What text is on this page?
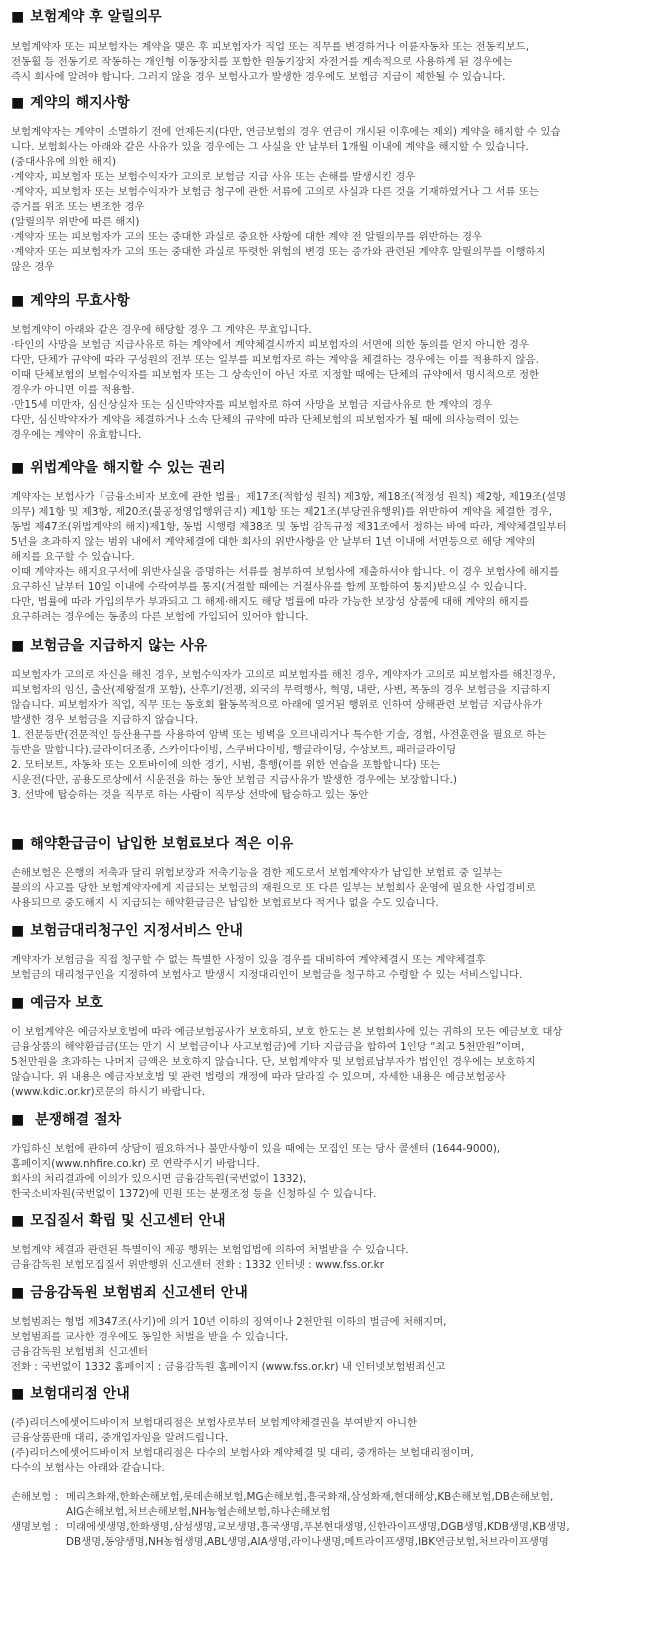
■ 보험계약 후 알릴의무

보험계약자 또는 피보험자는 계약을 맺은 후 피보험자가 직업 또는 직무를 변경하거나 이륜자동차 또는 전동킥보드,
전동휠 등 전동기로 작동하는 개인형 이동장치를 포함한 원동기장치 자전거를 계속적으로 사용하게 된 경우에는
즉시 회사에 알려야 합니다. 그러지 않을 경우 보험사고가 발생한 경우에도 보험금 지급이 제한될 수 있습니다.

■ 계약의 해지사항

보험계약자는 계약이 소멸하기 전에 언제든지(다만, 연금보험의 경우 연금이 개시된 이후에는 제외) 계약을 해지할 수 있습
니다. 보험회사는 아래와 같은 사유가 있을 경우에는 그 사실을 안 날부터 1개월 이내에 계약을 해지할 수 있습니다.
(중대사유에 의한 해지)
·계약자, 피보험자 또는 보험수익자가 고의로 보험금 지급 사유 또는 손해를 발생시킨 경우
·계약자, 피보험자 또는 보험수익자가 보험금 청구에 관한 서류에 고의로 사실과 다른 것을 기재하였거나 그 서류 또는
증거를 위조 또는 변조한 경우
(알릴의무 위반에 따른 해지)
·계약자 또는 피보험자가 고의 또는 중대한 과실로 중요한 사항에 대한 계약 전 알릴의무를 위반하는 경우
·계약자 또는 피보험자가 고의 또는 중대한 과실로 뚜렷한 위험의 변경 또는 증가와 관련된 계약후 알릴의무를 이행하지
않은 경우

■ 계약의 무효사항

보험계약이 아래와 같은 경우에 해당할 경우 그 계약은 무효입니다.
·타인의 사망을 보험금 지급사유로 하는 계약에서 계약체결시까지 피보험자의 서면에 의한 동의를 얻지 아니한 경우
다만, 단체가 규약에 따라 구성원의 전부 또는 일부를 피보험자로 하는 계약을 체결하는 경우에는 이를 적용하지 않음.
이때 단체보험의 보험수익자를 피보험자 또는 그 상속인이 아닌 자로 지정할 때에는 단체의 규약에서 명시적으로 정한
경우가 아니면 이를 적용함.
·만15세 미만자, 심신상실자 또는 심신박약자를 피보험자로 하여 사망을 보험금 지급사유로 한 계약의 경우
다만, 심신박약자가 계약을 체결하거나 소속 단체의 규약에 따라 단체보험의 피보험자가 될 때에 의사능력이 있는
경우에는 계약이 유효합니다.

■ 위법계약을 해지할 수 있는 권리

계약자는 보험사가「금융소비자 보호에 관한 법률」제17조(적합성 원칙) 제3항, 제18조(적정성 원칙) 제2항, 제19조(설명
의무) 제1항 및 제3항, 제20조(불공정영업행위금지) 제1항 또는 제21조(부당권유행위)를 위반하여 계약을 체결한 경우,
동법 제47조(위법계약의 해지)제1항, 동법 시행령 제38조 및 동법 감독규정 제31조에서 정하는 바에 따라, 계약체결일부터
5년을 초과하지 않는 범위 내에서 계약체결에 대한 회사의 위반사항을 안 날부터 1년 이내에 서면등으로 해당 계약의
해지를 요구할 수 있습니다.
이때 계약자는 해지요구서에 위반사실을 증명하는 서류를 첨부하여 보험사에 제출하셔야 합니다. 이 경우 보험사에 해지를
요구하신 날부터 10일 이내에 수락여부를 통지(거절할 때에는 거절사유를 함께 포함하여 통지)받으실 수 있습니다.
다만, 법률에 따라 가입의무가 부과되고 그 해제·해지도 해당 법률에 따라 가능한 보장성 상품에 대해 계약의 해지를
요구하려는 경우에는 동종의 다른 보험에 가입되어 있어야 합니다.

■ 보험금을 지급하지 않는 사유

피보험자가 고의로 자신을 해친 경우, 보험수익자가 고의로 피보험자를 해친 경우, 계약자가 고의로 피보험자를 해친경우,
피보험자의 임신, 출산(제왕절개 포함), 산후기/전쟁, 외국의 무력행사, 혁명, 내란, 사변, 폭동의 경우 보험금을 지급하지
않습니다. 피보험자가 직업, 직무 또는 동호회 활동목적으로 아래에 열거된 행위로 인하여 상해관련 보험금 지급사유가
발생한 경우 보험금을 지급하지 않습니다.
1. 전문등반(전문적인 등산용구를 사용하여 암벽 또는 빙벽을 오르내리거나 특수한 기술, 경험, 사전훈련을 필요로 하는
등반을 말합니다).글라이더조종, 스카이다이빙, 스쿠버다이빙, 행글라이딩, 수상보트, 패러글라이딩
2. 모터보트, 자동차 또는 오토바이에 의한 경기, 시범, 흥행(이를 위한 연습을 포함합니다) 또는
시운전(다만, 공용도로상에서 시운전을 하는 동안 보험금 지급사유가 발생한 경우에는 보장합니다.)
3. 선박에 탑승하는 것을 직무로 하는 사람이 직무상 선박에 탑승하고 있는 동안

■ 해약환급금이 납입한 보험료보다 적은 이유

손해보험은 은행의 저축과 달리 위험보장과 저축기능을 겸한 제도로서 보험계약자가 납입한 보험료 중 일부는
불의의 사고를 당한 보험계약자에게 지급되는 보험금의 재원으로 또 다른 일부는 보험회사 운영에 필요한 사업경비로
사용되므로 중도해지 시 지급되는 해약환급금은 납입한 보험료보다 적거나 없을 수도 있습니다.

■ 보험금대리청구인 지정서비스 안내

계약자가 보험금을 직접 청구할 수 없는 특별한 사정이 있을 경우를 대비하여 계약체결시 또는 계약체결후
보험금의 대리청구인을 지정하여 보험사고 발생시 지정대리인이 보험금을 청구하고 수령할 수 있는 서비스입니다.

■ 예금자 보호

이 보험계약은 예금자보호법에 따라 예금보험공사가 보호하되, 보호 한도는 본 보험회사에 있는 귀하의 모든 예금보호 대상
금융상품의 해약환급금(또는 만기 시 보험금이나 사고보험금)에 기타 지급금을 합하여 1인당 “최고 5천만원”이며,
5천만원을 초과하는 나머지 금액은 보호하지 않습니다. 단, 보험계약자 및 보험료납부자가 법인인 경우에는 보호하지
않습니다. 위 내용은 예금자보호법 및 관련 법령의 개정에 따라 달라질 수 있으며, 자세한 내용은 예금보험공사
(www.kdic.or.kr)로문의 하시기 바랍니다.

■ 분쟁해결 절차

가입하신 보험에 관하여 상담이 필요하거나 불만사항이 있을 때에는 모집인 또는 당사 콜센터 (1644-9000),
홈페이지(www.nhfire.co.kr) 로 연락주시기 바랍니다.
회사의 처리결과에 이의가 있으시면 금융감독원(국번없이 1332),
한국소비자원(국번없이 1372)에 민원 또는 분쟁조정 등을 신청하실 수 있습니다.

■ 모집질서 확립 및 신고센터 안내

보험계약 체결과 관련된 특별이익 제공 행위는 보험업법에 의하여 처벌받을 수 있습니다.
금융감독원 보험모집질서 위반행위 신고센터 전화 : 1332 인터넷 : www.fss.or.kr

■ 금융감독원 보험범죄 신고센터 안내

보험범죄는 형법 제347조(사기)에 의거 10년 이하의 징역이나 2천만원 이하의 벌금에 처해지며,
보험범죄를 교사한 경우에도 동일한 처벌을 받을 수 있습니다.
금융감독원 보험범죄 신고센터
전화 : 국번없이 1332 홈페이지 : 금융감독원 홈페이지 (www.fss.or.kr) 내 인터넷보험범죄신고

■ 보험대리점 안내

(주)리더스에셋어드바이저 보험대리점은 보험사로부터 보험계약체결권을 부여받지 아니한
금융상품판매 대리, 중개업자임을 알려드립니다.
(주)리더스에셋어드바이저 보험대리점은 다수의 보험사와 계약체결 및 대리, 중개하는 보험대리점이며,
다수의 보험사는 아래와 같습니다.

손해보험 : 메리츠화재,한화손해보험,롯데손해보험,MG손해보험,흥국화재,삼성화재,현대해상,KB손해보험,DB손해보험,
AIG손해보험,처브손해보험,NH농협손해보험,하나손해보험
생명보험 : 미래에셋생명,한화생명,삼성생명,교보생명,흥국생명,푸본현대생명,신한라이프생명,DGB생명,KDB생명,KB생명,
DB생명,동양생명,NH농협생명,ABL생명,AIA생명,라이나생명,메트라이프생명,IBK연금보험,처브라이프생명
